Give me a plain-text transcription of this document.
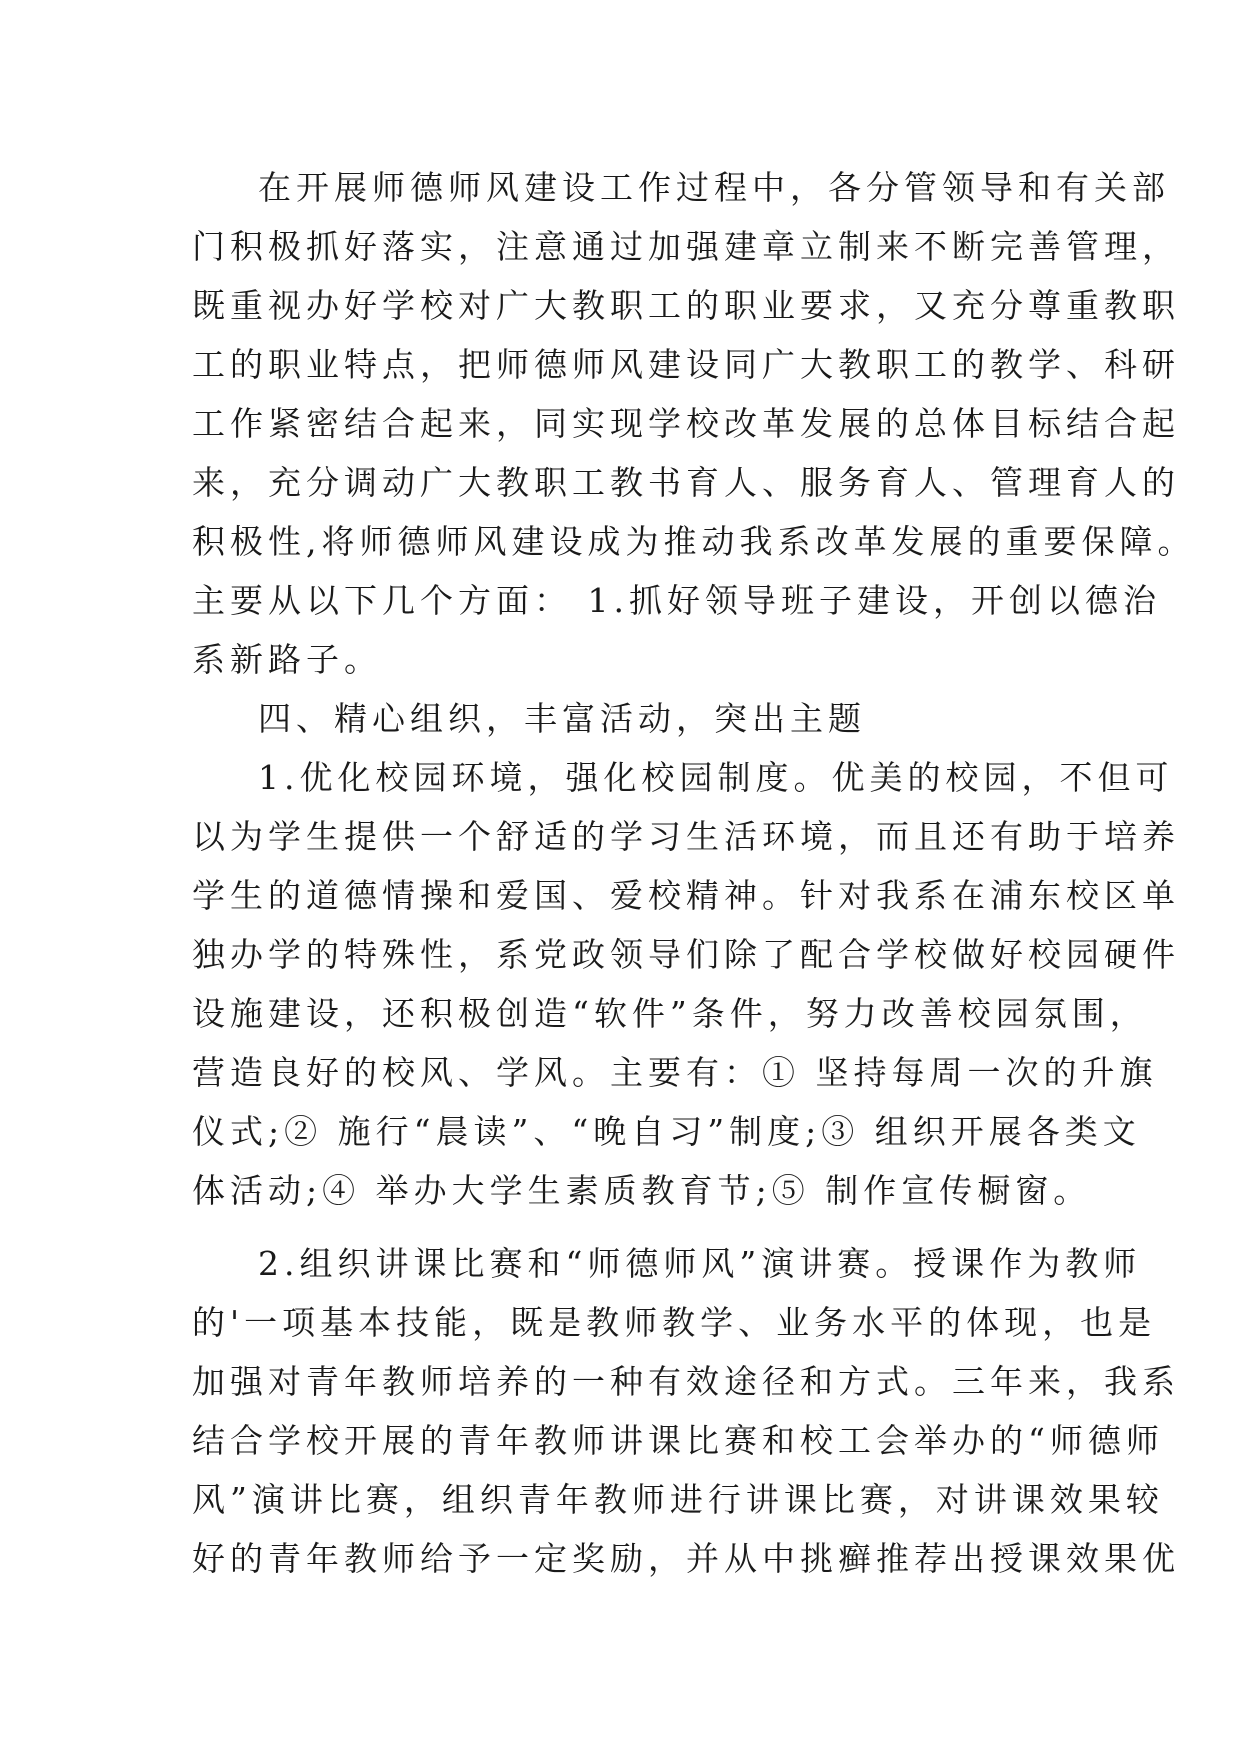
在开展师德师风建设工作过程中，各分管领导和有关部
门积极抓好落实，注意通过加强建章立制来不断完善管理，
既重视办好学校对广大教职工的职业要求，又充分尊重教职
工的职业特点，把师德师风建设同广大教职工的教学、科研
工作紧密结合起来，同实现学校改革发展的总体目标结合起
来，充分调动广大教职工教书育人、服务育人、管理育人的
积极性,将师德师风建设成为推动我系改革发展的重要保障。
主要从以下几个方面： 1.抓好领导班子建设，开创以德治
系新路子。
四、精心组织，丰富活动，突出主题
1.优化校园环境，强化校园制度。优美的校园，不但可
以为学生提供一个舒适的学习生活环境，而且还有助于培养
学生的道德情操和爱国、爱校精神。针对我系在浦东校区单
独办学的特殊性，系党政领导们除了配合学校做好校园硬件
设施建设，还积极创造“软件”条件，努力改善校园氛围，
营造良好的校风、学风。主要有：① 坚持每周一次的升旗
仪式;② 施行“晨读”、“晚自习”制度;③ 组织开展各类文
体活动;④ 举办大学生素质教育节;⑤ 制作宣传橱窗。
2.组织讲课比赛和“师德师风”演讲赛。授课作为教师
的'一项基本技能，既是教师教学、业务水平的体现，也是
加强对青年教师培养的一种有效途径和方式。三年来，我系
结合学校开展的青年教师讲课比赛和校工会举办的“师德师
风”演讲比赛，组织青年教师进行讲课比赛，对讲课效果较
好的青年教师给予一定奖励，并从中挑癣推荐出授课效果优
